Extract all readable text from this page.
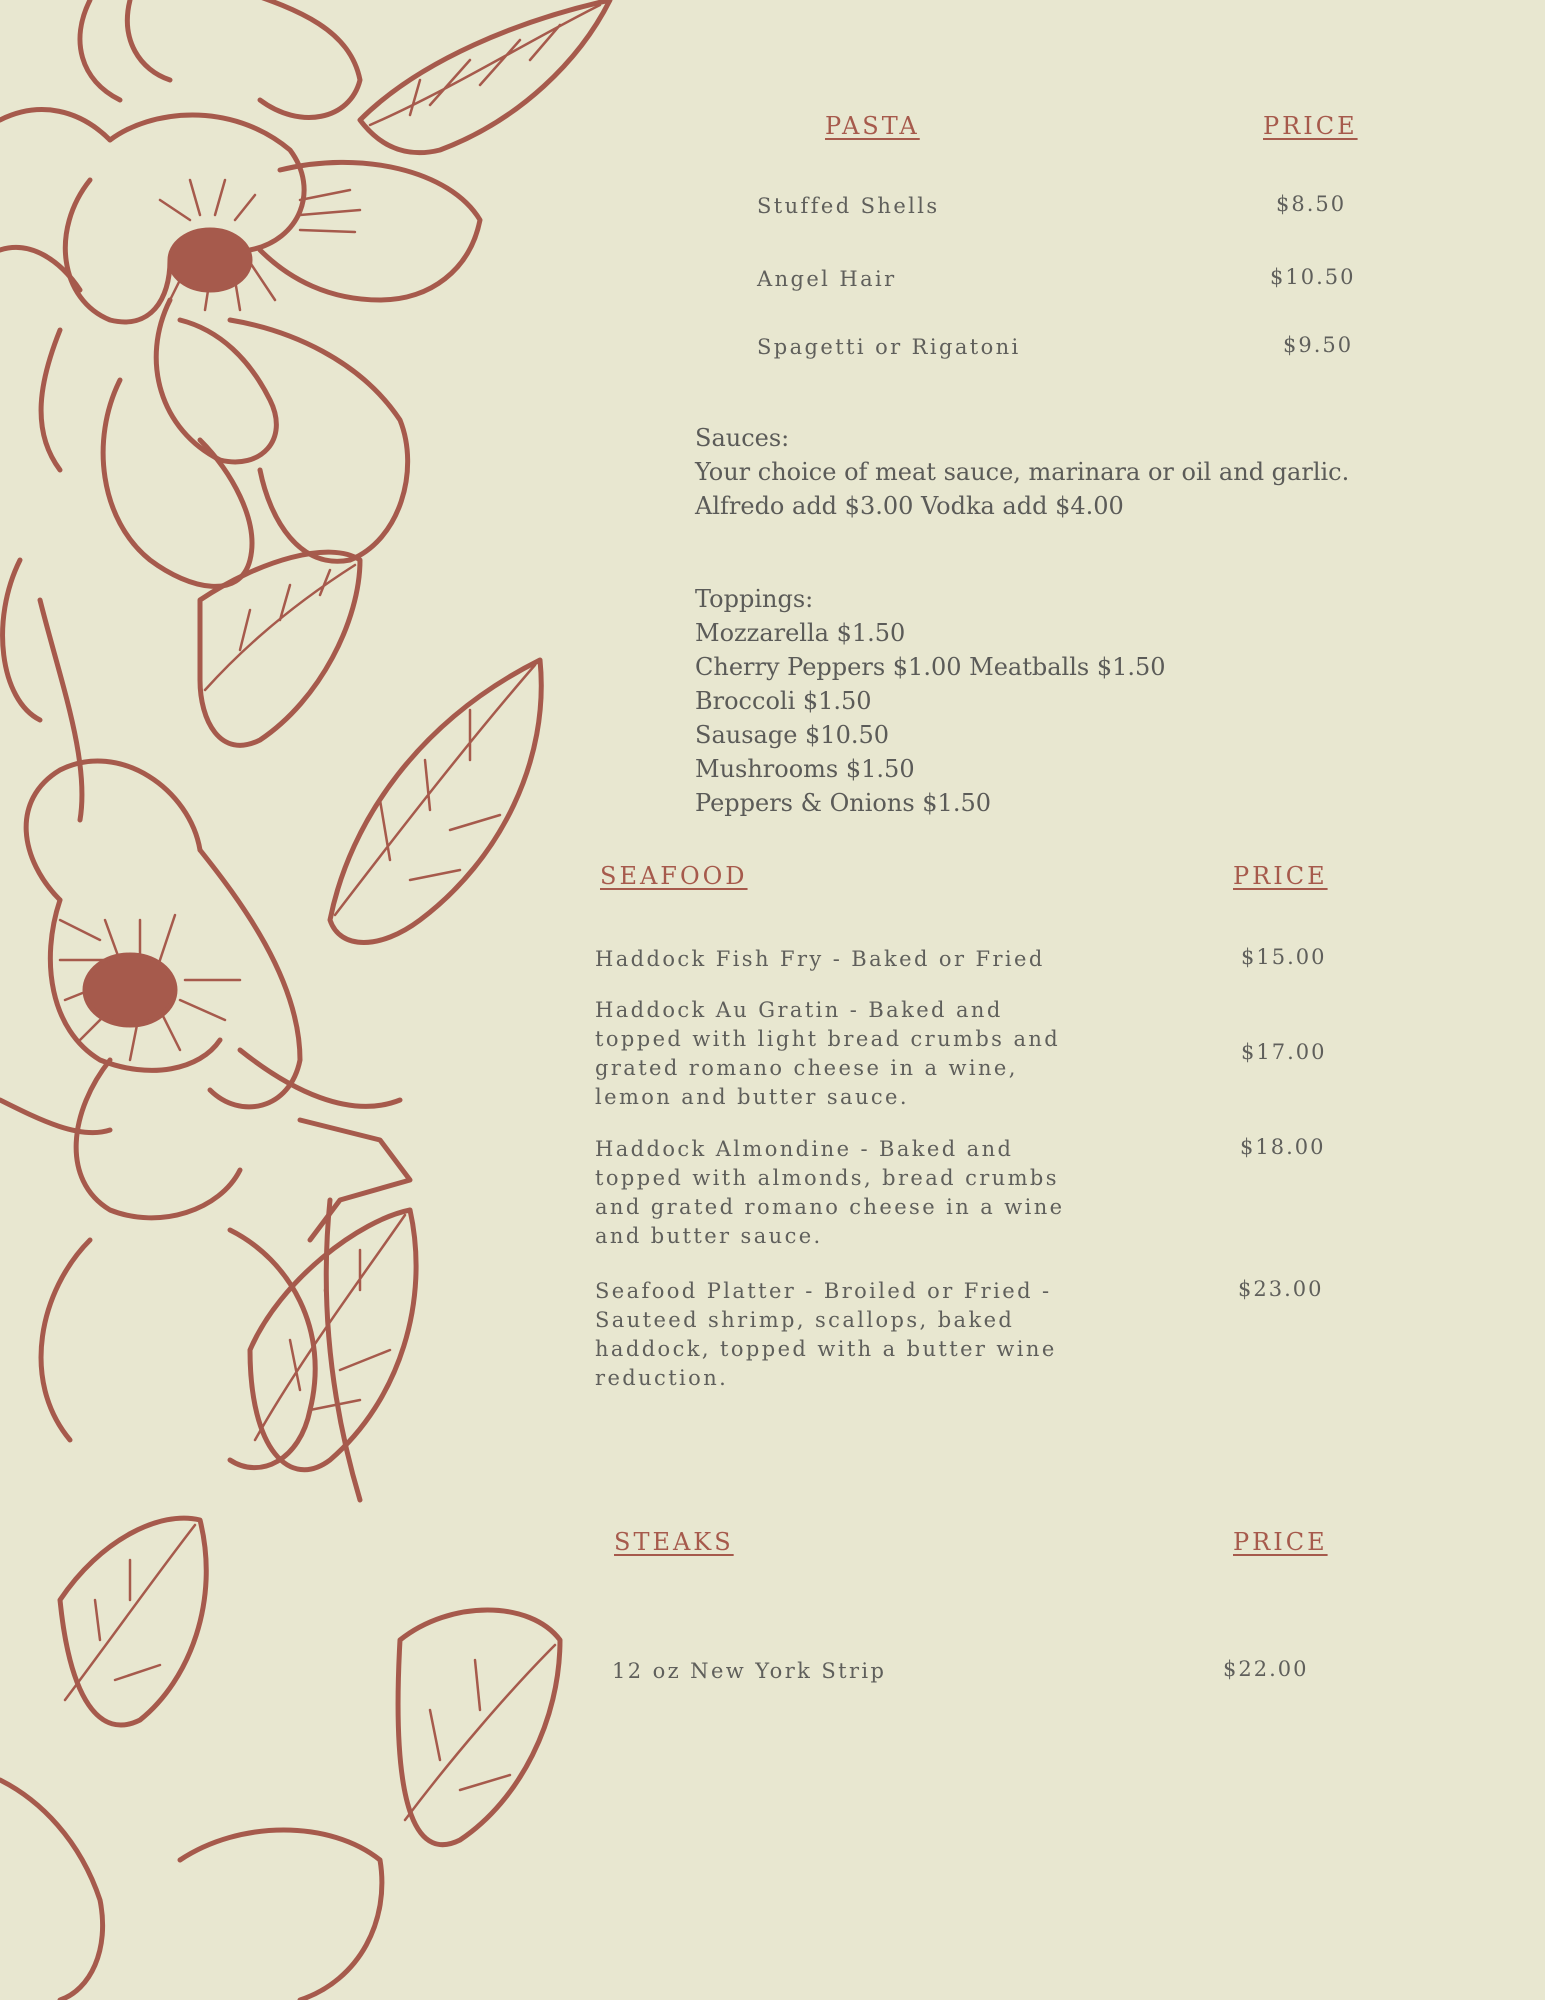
PASTA	PRICE
Stuffed Shells	$8.50
Angel Hair	$10.50
Spagetti or Rigatoni	$9.50
Sauces:
Your choice of meat sauce, marinara or oil and garlic.
Alfredo add $3.00 Vodka add $4.00
Toppings:
Mozzarella $1.50
Cherry Peppers $1.00 Meatballs $1.50
Broccoli $1.50
Sausage $10.50
Mushrooms $1.50
Peppers & Onions $1.50
SEAFOOD	PRICE
Haddock Fish Fry - Baked or Fried	$15.00
Haddock Au Gratin - Baked and
topped with light bread crumbs and
grated romano cheese in a wine,
lemon and butter sauce.
$17.00
Haddock Almondine - Baked and
topped with almonds, bread crumbs
and grated romano cheese in a wine
and butter sauce.
$18.00
Seafood Platter - Broiled or Fried -
Sauteed shrimp, scallops, baked
haddock, topped with a butter wine
reduction.
$23.00
STEAKS	PRICE
12 oz New York Strip	$22.00
